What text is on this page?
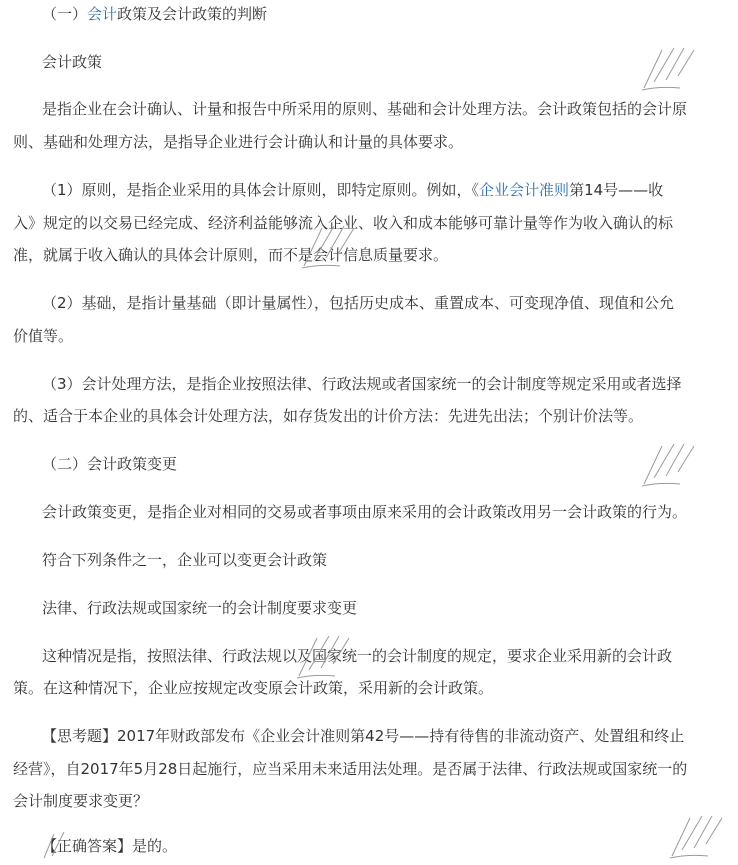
（一）会计政策及会计政策的判断
会计政策
是指企业在会计确认、计量和报告中所采用的原则、基础和会计处理方法。会计政策包括的会计原
则、基础和处理方法，是指导企业进行会计确认和计量的具体要求。
（1）原则，是指企业采用的具体会计原则，即特定原则。例如，《企业会计准则第14号——收
入》规定的以交易已经完成、经济利益能够流入企业、收入和成本能够可靠计量等作为收入确认的标
准，就属于收入确认的具体会计原则，而不是会计信息质量要求。
（2）基础，是指计量基础（即计量属性），包括历史成本、重置成本、可变现净值、现值和公允
价值等。
（3）会计处理方法，是指企业按照法律、行政法规或者国家统一的会计制度等规定采用或者选择
的、适合于本企业的具体会计处理方法，如存货发出的计价方法：先进先出法；个别计价法等。
（二）会计政策变更
会计政策变更，是指企业对相同的交易或者事项由原来采用的会计政策改用另一会计政策的行为。
符合下列条件之一，企业可以变更会计政策
法律、行政法规或国家统一的会计制度要求变更
这种情况是指，按照法律、行政法规以及国家统一的会计制度的规定，要求企业采用新的会计政
策。在这种情况下，企业应按规定改变原会计政策，采用新的会计政策。
【思考题】2017年财政部发布《企业会计准则第42号——持有待售的非流动资产、处置组和终止
经营》，自2017年5月28日起施行，应当采用未来适用法处理。是否属于法律、行政法规或国家统一的
会计制度要求变更？
【正确答案】是的。
